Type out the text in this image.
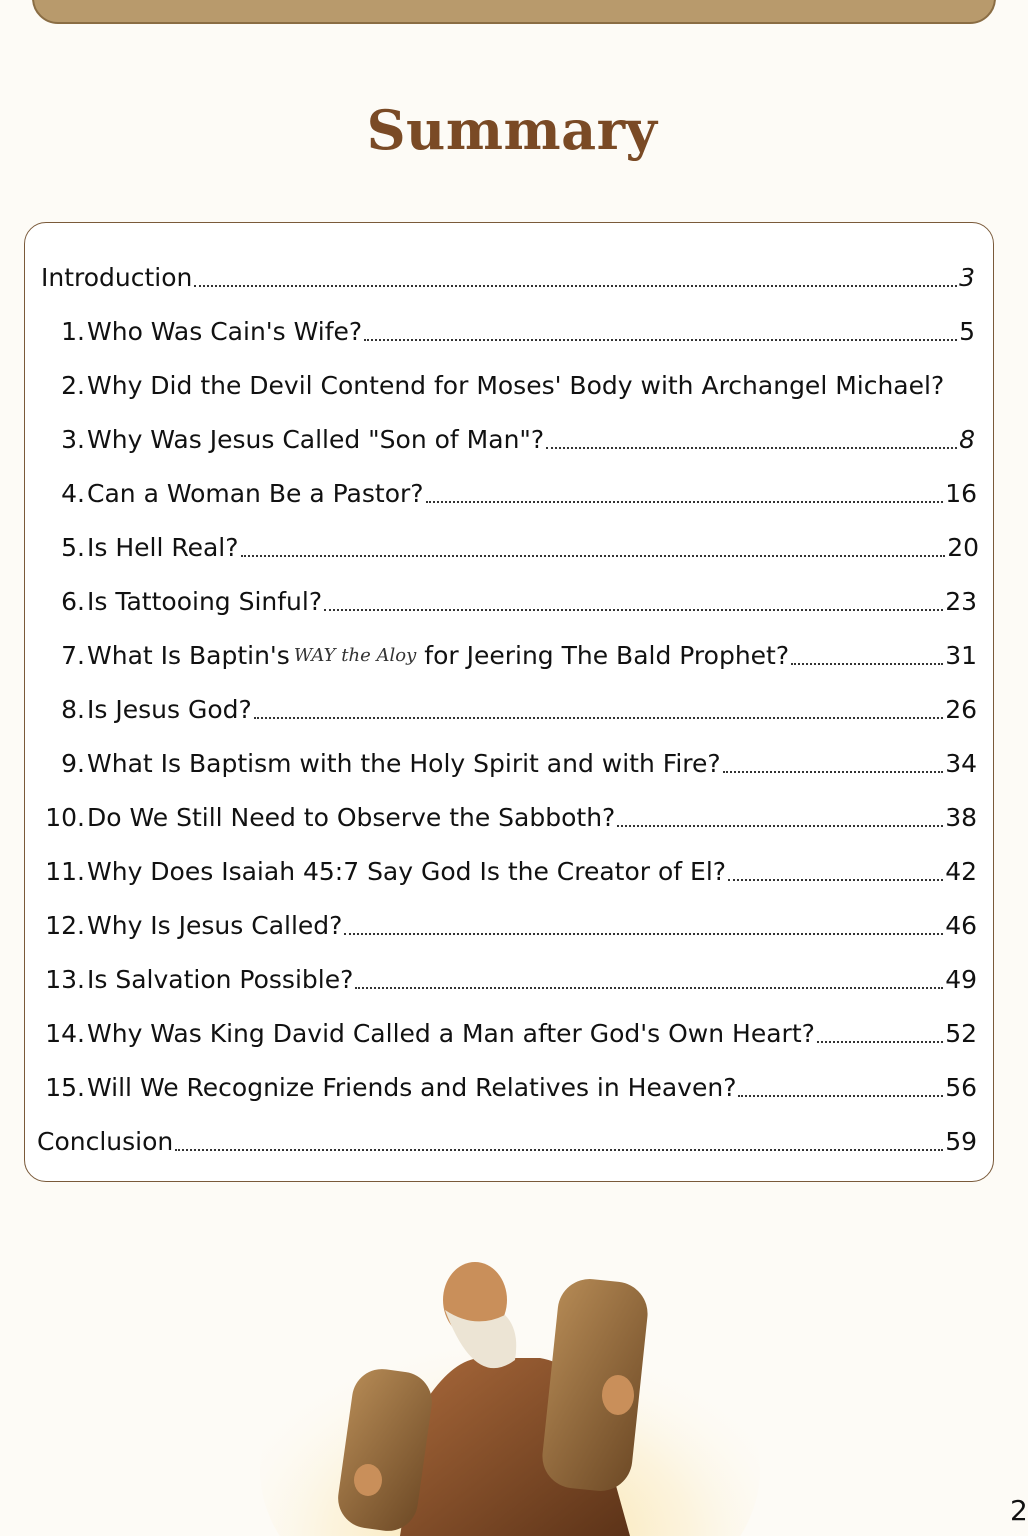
Summary
Introduction	3
1. Who Was Cain's Wife?	5
2. Why Did the Devil Contend for Moses' Body with Archangel Michael?
3. Why Was Jesus Called "Son of Man"?	8
4. Can a Woman Be a Pastor?	16
5. Is Hell Real?	20
6. Is Tattooing Sinful?	23
7. What Is Baptin's WAY the Aloy for Jeering The Bald Prophet?	31
8. Is Jesus God?	26
9. What Is Baptism with the Holy Spirit and with Fire?	34
10. Do We Still Need to Observe the Sabboth?	38
11. Why Does Isaiah 45:7 Say God Is the Creator of El?	42
12. Why Is Jesus Called?	46
13. Is Salvation Possible?	49
14. Why Was King David Called a Man after God's Own Heart?	52
15. Will We Recognize Friends and Relatives in Heaven?	56
Conclusion	59
2
